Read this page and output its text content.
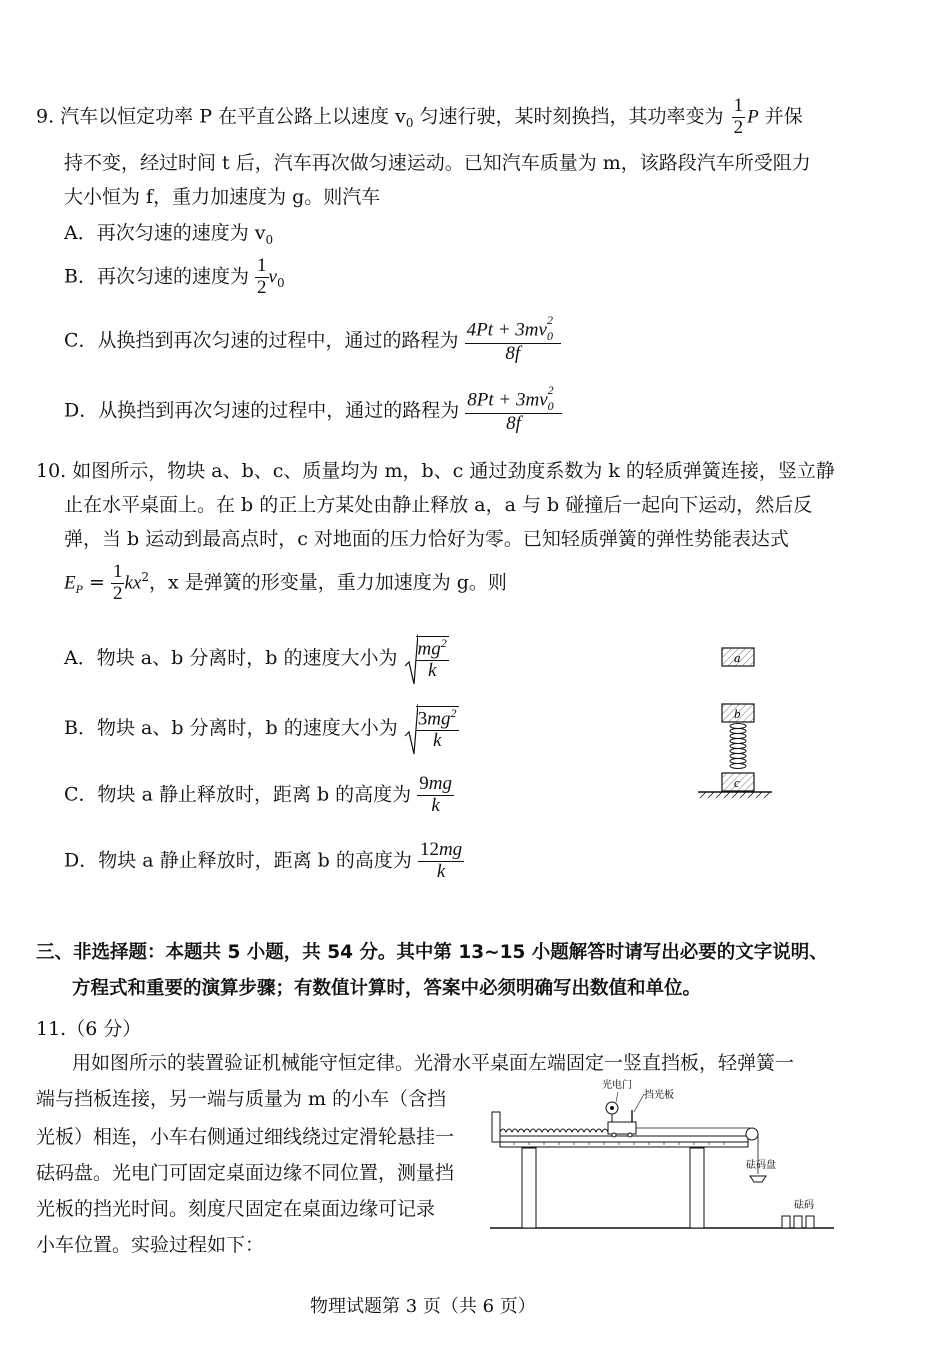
9. 汽车以恒定功率 P 在平直公路上以速度 $v_0$ 匀速行驶，某时刻换挡，其功率变为 $\frac{1}{2}$ P 并保
持不变，经过时间 t 后，汽车再次做匀速运动。已知汽车质量为 m，该路段汽车所受阻力
大小恒为 f，重力加速度为 g。则汽车
A．再次匀速的速度为 $v_0$
B．再次匀速的速度为 $\frac{1}{2} v_0$
C．从换挡到再次匀速的过程中，通过的路程为 $\frac{4Pt + 3mv_0^2}{8f}$
D．从换挡到再次匀速的过程中，通过的路程为 $\frac{8Pt + 3mv_0^2}{8f}$
10. 如图所示，物块 a、b、c、质量均为 m，b、c 通过劲度系数为 k 的轻质弹簧连接，竖立静
止在水平桌面上。在 b 的正上方某处由静止释放 a，a 与 b 碰撞后一起向下运动，然后反
弹，当 b 运动到最高点时，c 对地面的压力恰好为零。已知轻质弹簧的弹性势能表达式
$E_P = \frac{1}{2} kx^2$，x 是弹簧的形变量，重力加速度为 g。则
A．物块 a、b 分离时，b 的速度大小为 $\frac{mg^2}{k}$
B．物块 a、b 分离时，b 的速度大小为 $\frac{3mg^2}{k}$
C．物块 a 静止释放时，距离 b 的高度为 $\frac{9mg}{k}$
D．物块 a 静止释放时，距离 b 的高度为 $\frac{12mg}{k}$
a
b
c
三、非选择题：本题共 5 小题，共 54 分。其中第 13~15 小题解答时请写出必要的文字说明、
方程式和重要的演算步骤；有数值计算时，答案中必须明确写出数值和单位。
11.（6 分）
用如图所示的装置验证机械能守恒定律。光滑水平桌面左端固定一竖直挡板，轻弹簧一
端与挡板连接，另一端与质量为 m 的小车（含挡
光板）相连，小车右侧通过细线绕过定滑轮悬挂一
砝码盘。光电门可固定桌面边缘不同位置，测量挡
光板的挡光时间。刻度尺固定在桌面边缘可记录
小车位置。实验过程如下：
光电门
挡光板
砝码盘
砝码
物理试题第 3 页（共 6 页）
